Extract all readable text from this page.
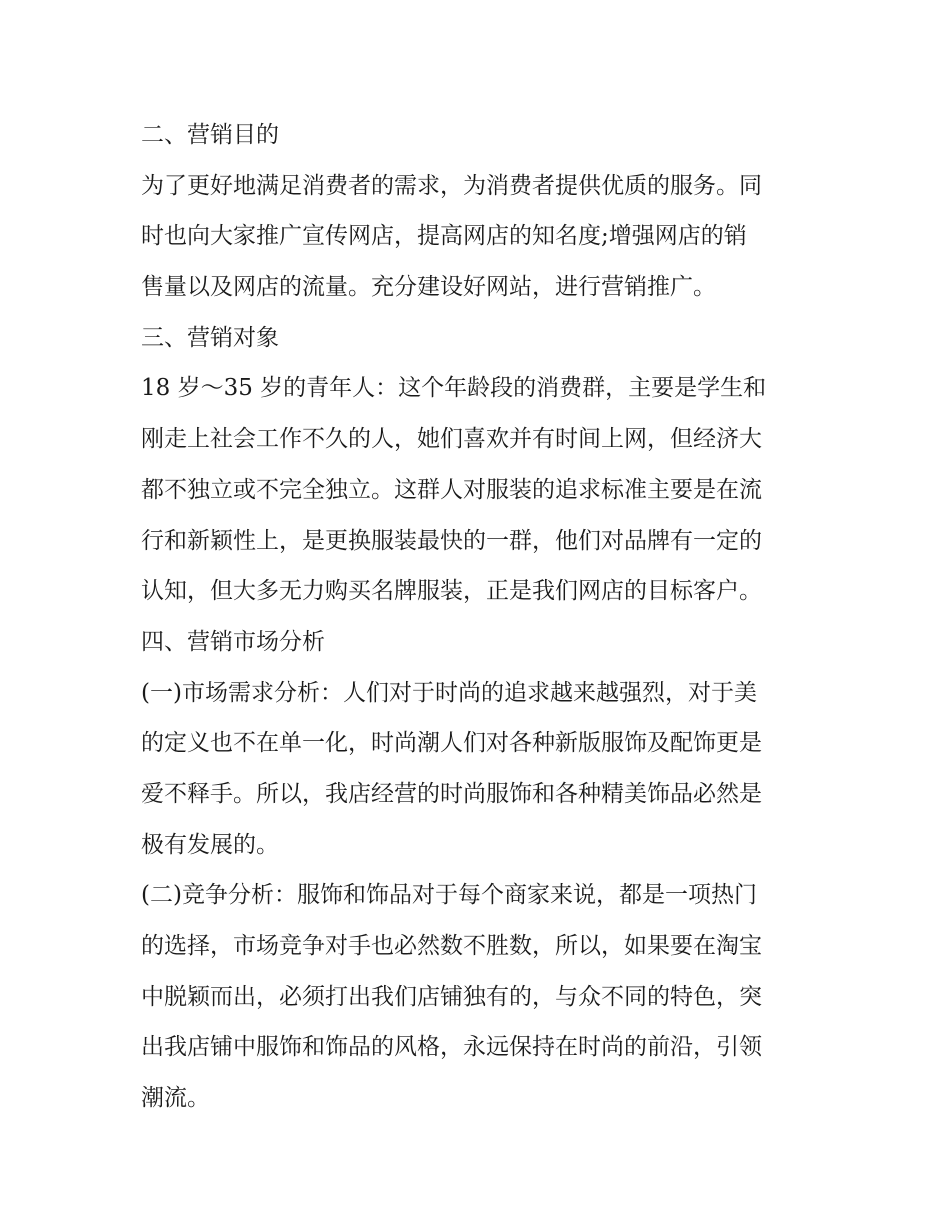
二、营销目的
为了更好地满足消费者的需求，为消费者提供优质的服务。同
时也向大家推广宣传网店，提高网店的知名度;增强网店的销
售量以及网店的流量。充分建设好网站，进行营销推广。
三、营销对象
18 岁～35 岁的青年人：这个年龄段的消费群，主要是学生和
刚走上社会工作不久的人，她们喜欢并有时间上网，但经济大
都不独立或不完全独立。这群人对服装的追求标准主要是在流
行和新颖性上，是更换服装最快的一群，他们对品牌有一定的
认知，但大多无力购买名牌服装，正是我们网店的目标客户。
四、营销市场分析
(一)市场需求分析：人们对于时尚的追求越来越强烈，对于美
的定义也不在单一化，时尚潮人们对各种新版服饰及配饰更是
爱不释手。所以，我店经营的时尚服饰和各种精美饰品必然是
极有发展的。
(二)竞争分析：服饰和饰品对于每个商家来说，都是一项热门
的选择，市场竞争对手也必然数不胜数，所以，如果要在淘宝
中脱颖而出，必须打出我们店铺独有的，与众不同的特色，突
出我店铺中服饰和饰品的风格，永远保持在时尚的前沿，引领
潮流。
